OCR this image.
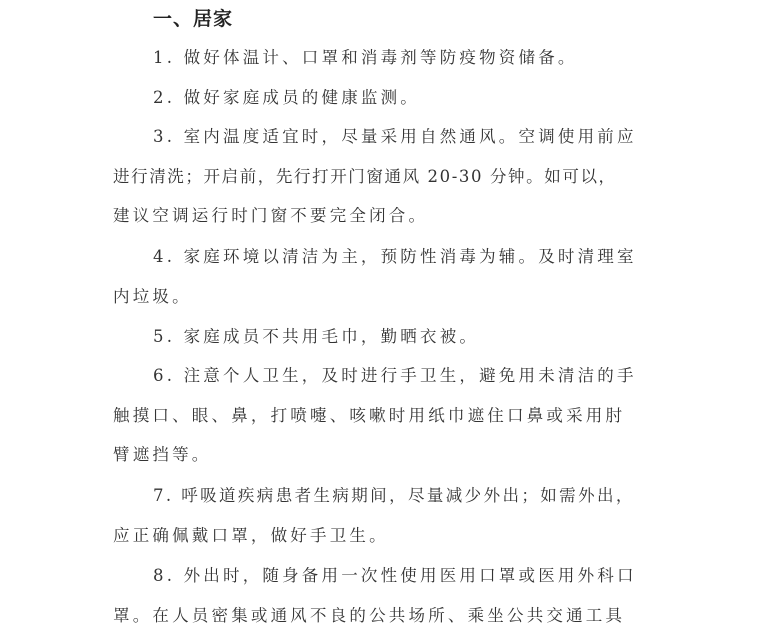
一、居家
1. 做好体温计、口罩和消毒剂等防疫物资储备。
2. 做好家庭成员的健康监测。
3. 室内温度适宜时，尽量采用自然通风。空调使用前应
进行清洗；开启前，先行打开门窗通风 20-30 分钟。如可以，
建议空调运行时门窗不要完全闭合。
4. 家庭环境以清洁为主，预防性消毒为辅。及时清理室
内垃圾。
5. 家庭成员不共用毛巾，勤晒衣被。
6. 注意个人卫生，及时进行手卫生，避免用未清洁的手
触摸口、眼、鼻，打喷嚏、咳嗽时用纸巾遮住口鼻或采用肘
臂遮挡等。
7. 呼吸道疾病患者生病期间，尽量减少外出；如需外出，
应正确佩戴口罩，做好手卫生。
8. 外出时，随身备用一次性使用医用口罩或医用外科口
罩。在人员密集或通风不良的公共场所、乘坐公共交通工具
